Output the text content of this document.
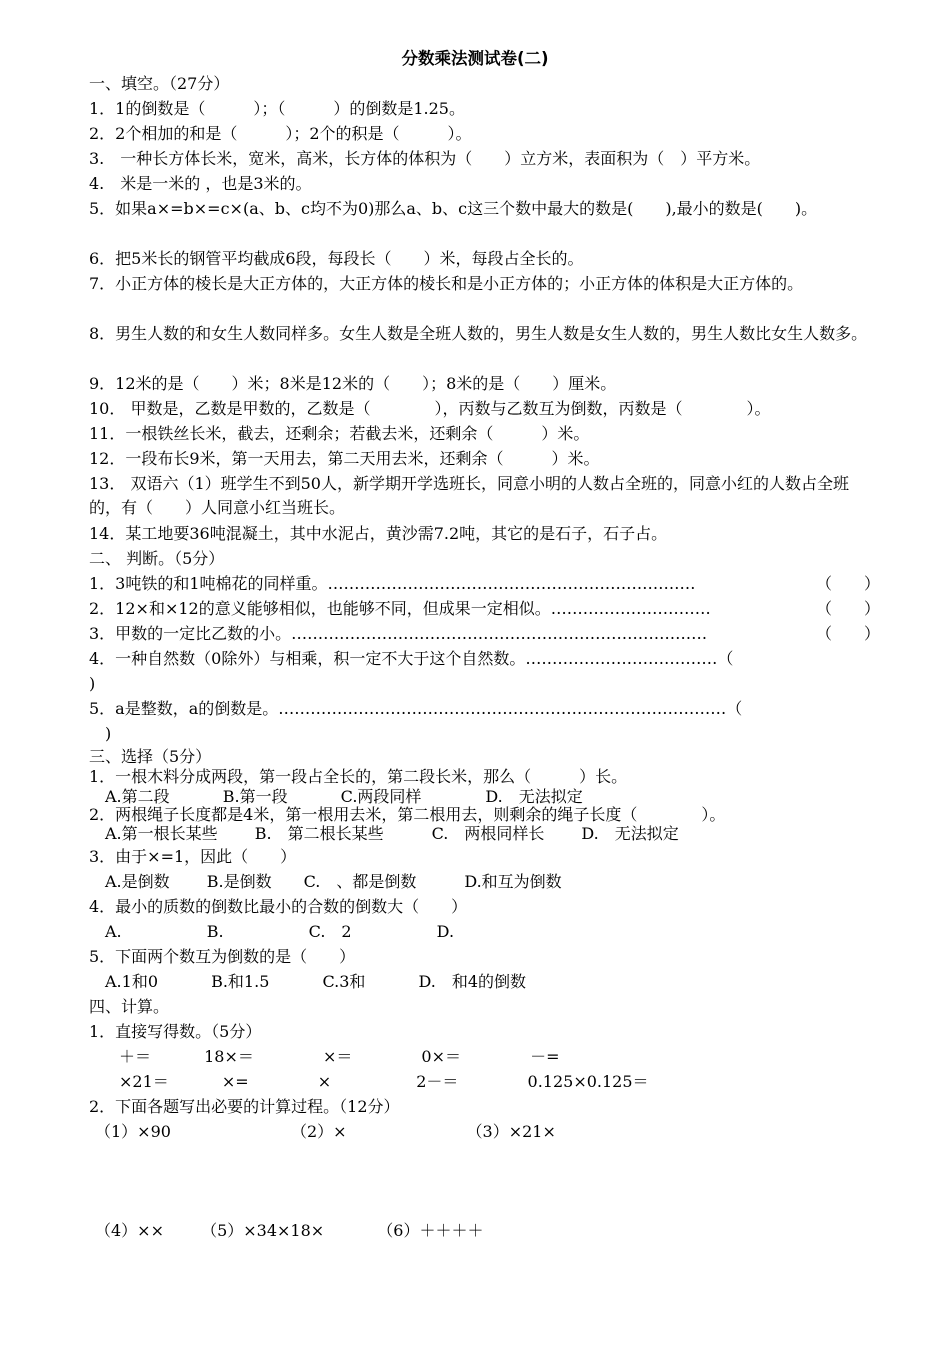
分数乘法测试卷(二)
一、填空。（27分）
1．1的倒数是（　　　）；（　　　）的倒数是1.25。
2．2个相加的和是（　　　）；2个的积是（　　　）。
3.　一种长方体长米，宽米，高米，长方体的体积为（　　）立方米，表面积为（　）平方米。
4.　米是一米的 ，也是3米的。
5．如果a×=b×=c×(a、b、c均不为0)那么a、b、c这三个数中最大的数是(　　),最小的数是(　　)。
6．把5米长的钢管平均截成6段，每段长（　　）米，每段占全长的。
7．小正方体的棱长是大正方体的，大正方体的棱长和是小正方体的；小正方体的体积是大正方体的。
8．男生人数的和女生人数同样多。女生人数是全班人数的，男生人数是女生人数的，男生人数比女生人数多。
9．12米的是（　　）米；8米是12米的（　　）；8米的是（　　）厘米。
10． 甲数是，乙数是甲数的，乙数是（　　　　），丙数与乙数互为倒数，丙数是（　　　　）。
11．一根铁丝长米，截去，还剩余；若截去米，还剩余（　　　）米。
12．一段布长9米，第一天用去，第二天用去米，还剩余（　　　）米。
13． 双语六（1）班学生不到50人，新学期开学选班长，同意小明的人数占全班的，同意小红的人数占全班的，有（　　）人同意小红当班长。
14．某工地要36吨混凝土，其中水泥占，黄沙需7.2吨，其它的是石子，石子占。
二、 判断。（5分）
1．3吨铁的和1吨棉花的同样重。……………………………………………………………	（　　）
2．12×和×12的意义能够相似，也能够不同，但成果一定相似。…………………………	（　　）
3．甲数的一定比乙数的小。……………………………………………………………………	（　　）
4．一种自然数（0除外）与相乘，积一定不大于这个自然数。………………………………（
)
5．a是整数，a的倒数是。…………………………………………………………………………（
　)
三、选择（5分）
1．一根木料分成两段，第一段占全长的，第二段长米，那么（　　　）长。
A.第二段　　　 B.第一段　　　 C.两段同样　　　　D.　无法拟定
2．两根绳子长度都是4米，第一根用去米，第二根用去，则剩余的绳子长度（　　　　）。
A.第一根长某些　　 B.　第二根长某些　　　C.　两根同样长　　 D.　无法拟定
3．由于×=1，因此（　　）
A.是倒数　　 B.是倒数　　C.　、都是倒数　　　D.和互为倒数
4．最小的质数的倒数比最小的合数的倒数大（　　）
A.　　　　　 B.　　　　　 C.　2　　　　　 D.
5．下面两个数互为倒数的是（　　）
A.1和0　　　 B.和1.5　　　 C.3和　　　 D.　和4的倒数
四、计算。
1．直接写得数。（5分）
＋＝　　　 18×＝　　　　 ×＝　　　　 0×＝　　　　 －=
×21＝　　　 ×=　　　　 ×　　　　　 2－＝　　　　 0.125×0.125＝
2．下面各题写出必要的计算过程。（12分）
（1）×90　　　　　　　　（2）×　　　　　　　　（3）×21×
（4）××　　 （5）×34×18×　　　 （6）＋＋＋＋
